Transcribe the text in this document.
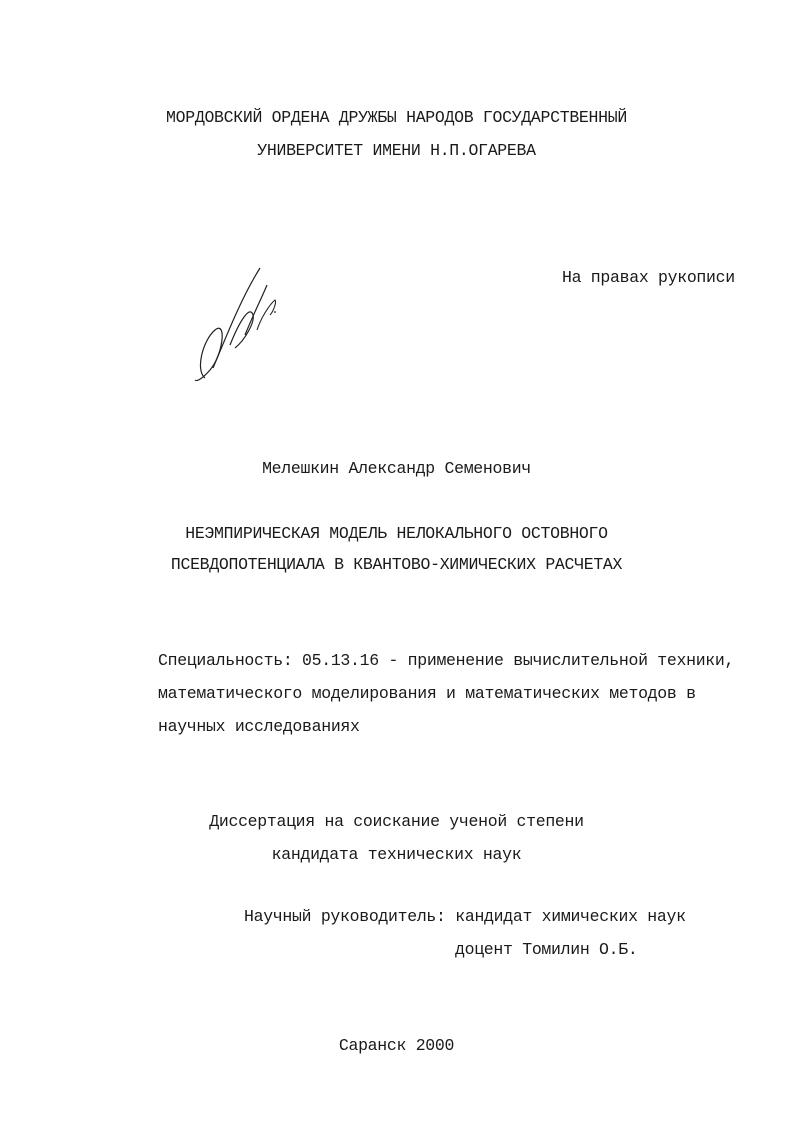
МОРДОВСКИЙ ОРДЕНА ДРУЖБЫ НАРОДОВ ГОСУДАРСТВЕННЫЙ
УНИВЕРСИТЕТ ИМЕНИ Н.П.ОГАРЕВА
На правах рукописи
Мелешкин Александр Семенович
НЕЭМПИРИЧЕСКАЯ МОДЕЛЬ НЕЛОКАЛЬНОГО ОСТОВНОГО
ПСЕВДОПОТЕНЦИАЛА В КВАНТОВО-ХИМИЧЕСКИХ РАСЧЕТАХ
Специальность: 05.13.16 - применение вычислительной техники,
математического моделирования и математических методов в
научных исследованиях
Диссертация на соискание ученой степени
кандидата технических наук
Научный руководитель: кандидат химических наук
доцент Томилин О.Б.
Саранск 2000
